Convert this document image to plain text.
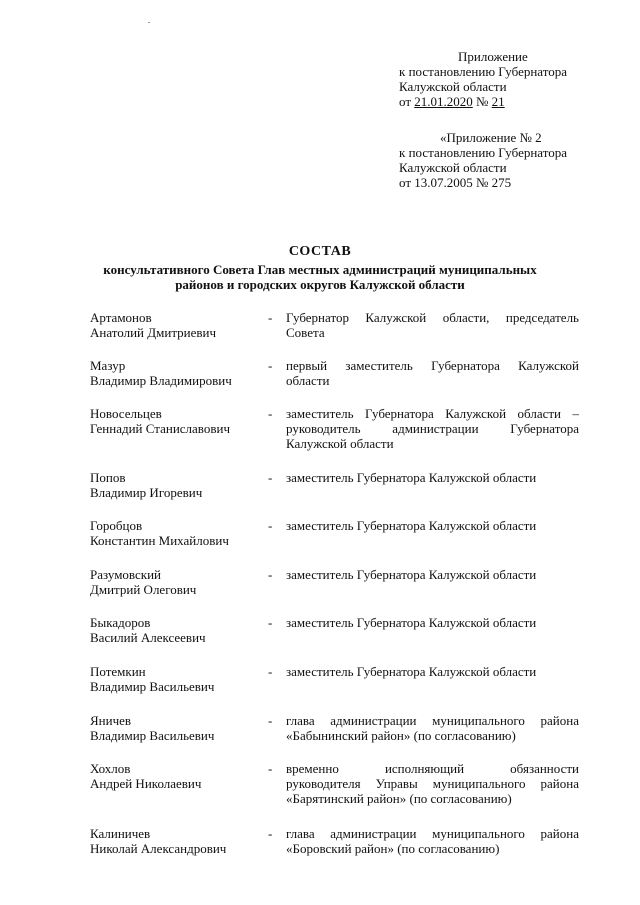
Приложение
к постановлению Губернатора
Калужской области
от 21.01.2020 № 21
«Приложение № 2
к постановлению Губернатора
Калужской области
от 13.07.2005 № 275
СОСТАВ
консультативного Совета Глав местных администраций муниципальных
районов и городских округов Калужской области
Артамонов
Анатолий Дмитриевич
-	Губернатор Калужской области, председатель
Совета
Мазур
Владимир Владимирович
-	первый заместитель Губернатора Калужской
области
Новосельцев
Геннадий Станиславович
-	заместитель Губернатора Калужской области –
руководитель администрации Губернатора
Калужской области
Попов
Владимир Игоревич
-	заместитель Губернатора Калужской области
Горобцов
Константин Михайлович
-	заместитель Губернатора Калужской области
Разумовский
Дмитрий Олегович
-	заместитель Губернатора Калужской области
Быкадоров
Василий Алексеевич
-	заместитель Губернатора Калужской области
Потемкин
Владимир Васильевич
-	заместитель Губернатора Калужской области
Яничев
Владимир Васильевич
-	глава администрации муниципального района
«Бабынинский район» (по согласованию)
Хохлов
Андрей Николаевич
-	временно исполняющий обязанности
руководителя Управы муниципального района
«Барятинский район» (по согласованию)
Калиничев
Николай Александрович
-	глава администрации муниципального района
«Боровский район» (по согласованию)
